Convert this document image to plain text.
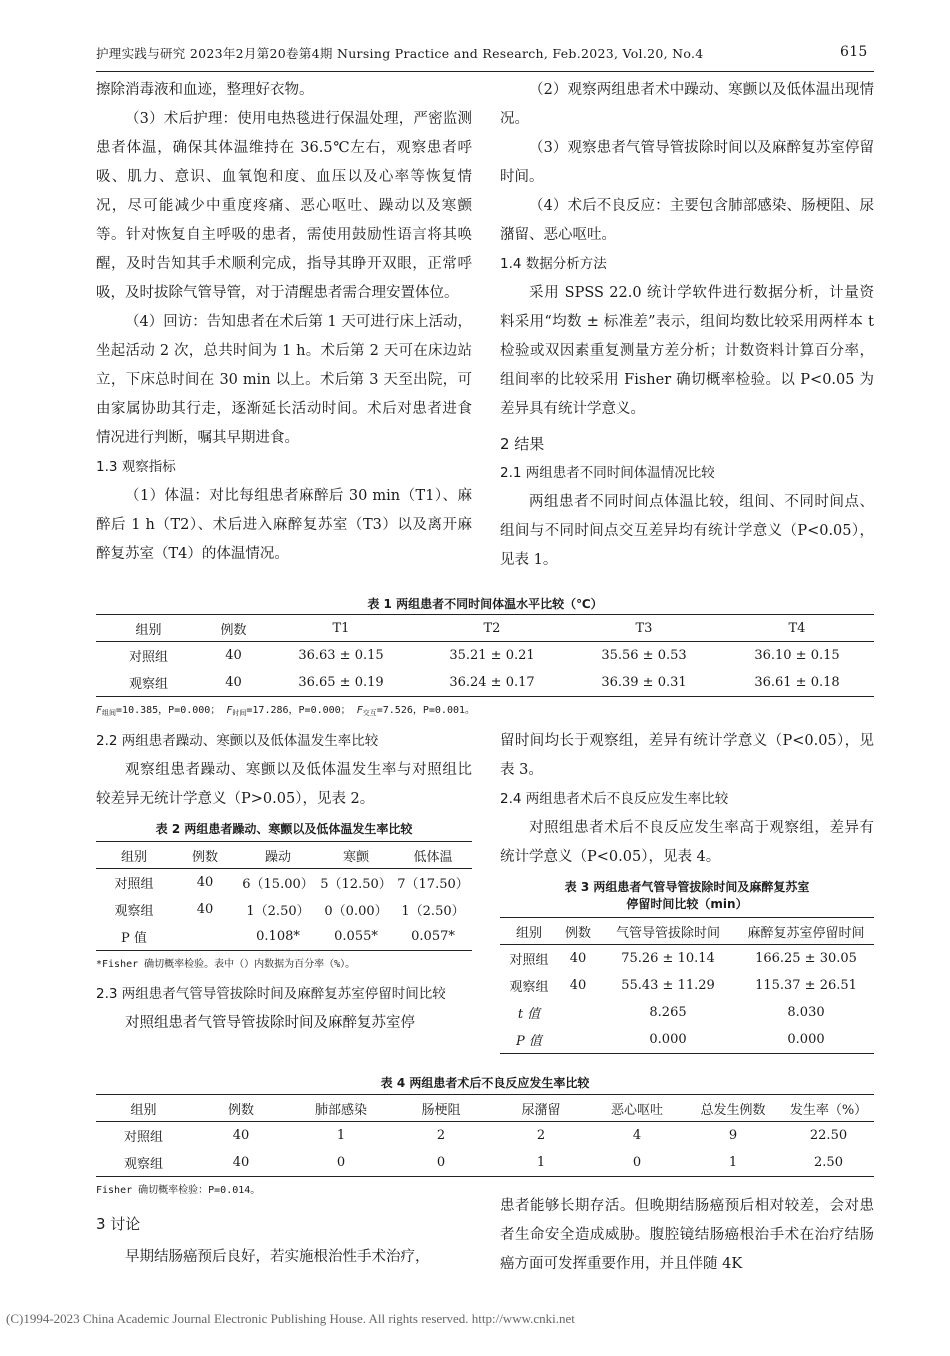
护理实践与研究 2023年2月第20卷第4期 Nursing Practice and Research, Feb.2023, Vol.20, No.4	615

擦除消毒液和血迹，整理好衣物。

（3）术后护理：使用电热毯进行保温处理，严密监测患者体温，确保其体温维持在 36.5℃左右，观察患者呼吸、肌力、意识、血氧饱和度、血压以及心率等恢复情况，尽可能减少中重度疼痛、恶心呕吐、躁动以及寒颤等。针对恢复自主呼吸的患者，需使用鼓励性语言将其唤醒，及时告知其手术顺利完成，指导其睁开双眼，正常呼吸，及时拔除气管导管，对于清醒患者需合理安置体位。

（4）回访：告知患者在术后第 1 天可进行床上活动，坐起活动 2 次，总共时间为 1 h。术后第 2 天可在床边站立，下床总时间在 30 min 以上。术后第 3 天至出院，可由家属协助其行走，逐渐延长活动时间。术后对患者进食情况进行判断，嘱其早期进食。

1.3 观察指标

（1）体温：对比每组患者麻醉后 30 min（T1）、麻醉后 1 h（T2）、术后进入麻醉复苏室（T3）以及离开麻醉复苏室（T4）的体温情况。

（2）观察两组患者术中躁动、寒颤以及低体温出现情况。

（3）观察患者气管导管拔除时间以及麻醉复苏室停留时间。

（4）术后不良反应：主要包含肺部感染、肠梗阻、尿潴留、恶心呕吐。

1.4 数据分析方法

采用 SPSS 22.0 统计学软件进行数据分析，计量资料采用“均数 ± 标准差”表示，组间均数比较采用两样本 t 检验或双因素重复测量方差分析；计数资料计算百分率，组间率的比较采用 Fisher 确切概率检验。以 P<0.05 为差异具有统计学意义。

2 结果

2.1 两组患者不同时间体温情况比较

两组患者不同时间点体温比较，组间、不同时间点、组间与不同时间点交互差异均有统计学意义（P<0.05），见表 1。

表 1 两组患者不同时间体温水平比较（℃）
组别	例数	T1	T2	T3	T4
对照组	40	36.63 ± 0.15	35.21 ± 0.21	35.56 ± 0.53	36.10 ± 0.15
观察组	40	36.65 ± 0.19	36.24 ± 0.17	36.39 ± 0.31	36.61 ± 0.18
$F_{组间}=10.385$，P=0.000； $F_{时间}=17.286$，P=0.000； $F_{交互}=7.526$，P=0.001。

2.2 两组患者躁动、寒颤以及低体温发生率比较

观察组患者躁动、寒颤以及低体温发生率与对照组比较差异无统计学意义（P>0.05），见表 2。

表 2 两组患者躁动、寒颤以及低体温发生率比较
组别	例数	躁动	寒颤	低体温
对照组	40	6（15.00）	5（12.50）	7（17.50）
观察组	40	1（2.50）	0（0.00）	1（2.50）
P 值		0.108*	0.055*	0.057*
*Fisher 确切概率检验。表中（）内数据为百分率（%）。

2.3 两组患者气管导管拔除时间及麻醉复苏室停留时间比较

对照组患者气管导管拔除时间及麻醉复苏室停

留时间均长于观察组，差异有统计学意义（P<0.05），见表 3。

2.4 两组患者术后不良反应发生率比较

对照组患者术后不良反应发生率高于观察组，差异有统计学意义（P<0.05），见表 4。

表 3 两组患者气管导管拔除时间及麻醉复苏室
停留时间比较（min）
组别	例数	气管导管拔除时间	麻醉复苏室停留时间
对照组	40	75.26 ± 10.14	166.25 ± 30.05
观察组	40	55.43 ± 11.29	115.37 ± 26.51
t 值		8.265	8.030
P 值		0.000	0.000
表 4 两组患者术后不良反应发生率比较
组别	例数	肺部感染	肠梗阻	尿潴留	恶心呕吐	总发生例数	发生率（%）
对照组	40	1	2	2	4	9	22.50
观察组	40	0	0	1	0	1	2.50
Fisher 确切概率检验：P=0.014。

3 讨论

早期结肠癌预后良好，若实施根治性手术治疗，

患者能够长期存活。但晚期结肠癌预后相对较差，会对患者生命安全造成威胁。腹腔镜结肠癌根治手术在治疗结肠癌方面可发挥重要作用，并且伴随 4K

(C)1994-2023 China Academic Journal Electronic Publishing House. All rights reserved. http://www.cnki.net
